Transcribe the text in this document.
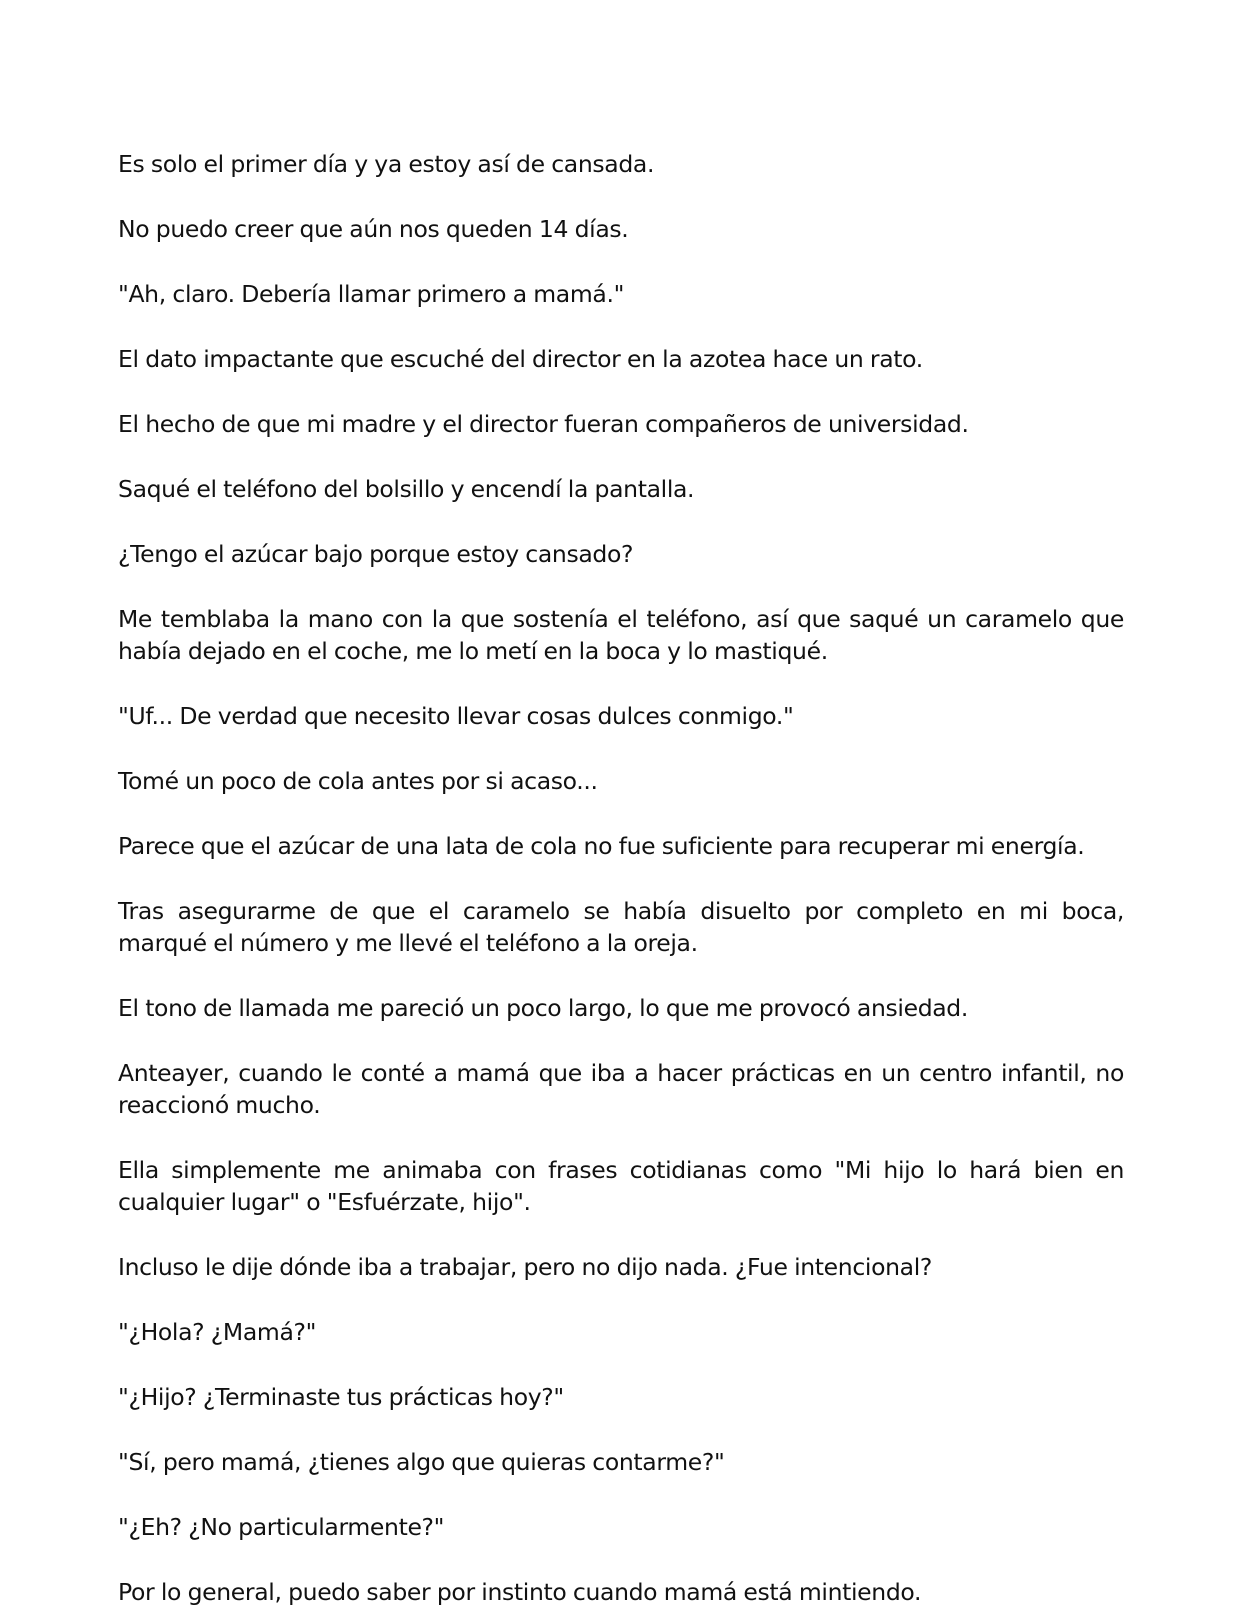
Es solo el primer día y ya estoy así de cansada.

No puedo creer que aún nos queden 14 días.

"Ah, claro. Debería llamar primero a mamá."

El dato impactante que escuché del director en la azotea hace un rato.

El hecho de que mi madre y el director fueran compañeros de universidad.

Saqué el teléfono del bolsillo y encendí la pantalla.

¿Tengo el azúcar bajo porque estoy cansado?

Me temblaba la mano con la que sostenía el teléfono, así que saqué un caramelo que había dejado en el coche, me lo metí en la boca y lo mastiqué.

"Uf... De verdad que necesito llevar cosas dulces conmigo."

Tomé un poco de cola antes por si acaso...

Parece que el azúcar de una lata de cola no fue suficiente para recuperar mi energía.

Tras asegurarme de que el caramelo se había disuelto por completo en mi boca, marqué el número y me llevé el teléfono a la oreja.

El tono de llamada me pareció un poco largo, lo que me provocó ansiedad.

Anteayer, cuando le conté a mamá que iba a hacer prácticas en un centro infantil, no reaccionó mucho.

Ella simplemente me animaba con frases cotidianas como "Mi hijo lo hará bien en cualquier lugar" o "Esfuérzate, hijo".

Incluso le dije dónde iba a trabajar, pero no dijo nada. ¿Fue intencional?

"¿Hola? ¿Mamá?"

"¿Hijo? ¿Terminaste tus prácticas hoy?"

"Sí, pero mamá, ¿tienes algo que quieras contarme?"

"¿Eh? ¿No particularmente?"

Por lo general, puedo saber por instinto cuando mamá está mintiendo.
